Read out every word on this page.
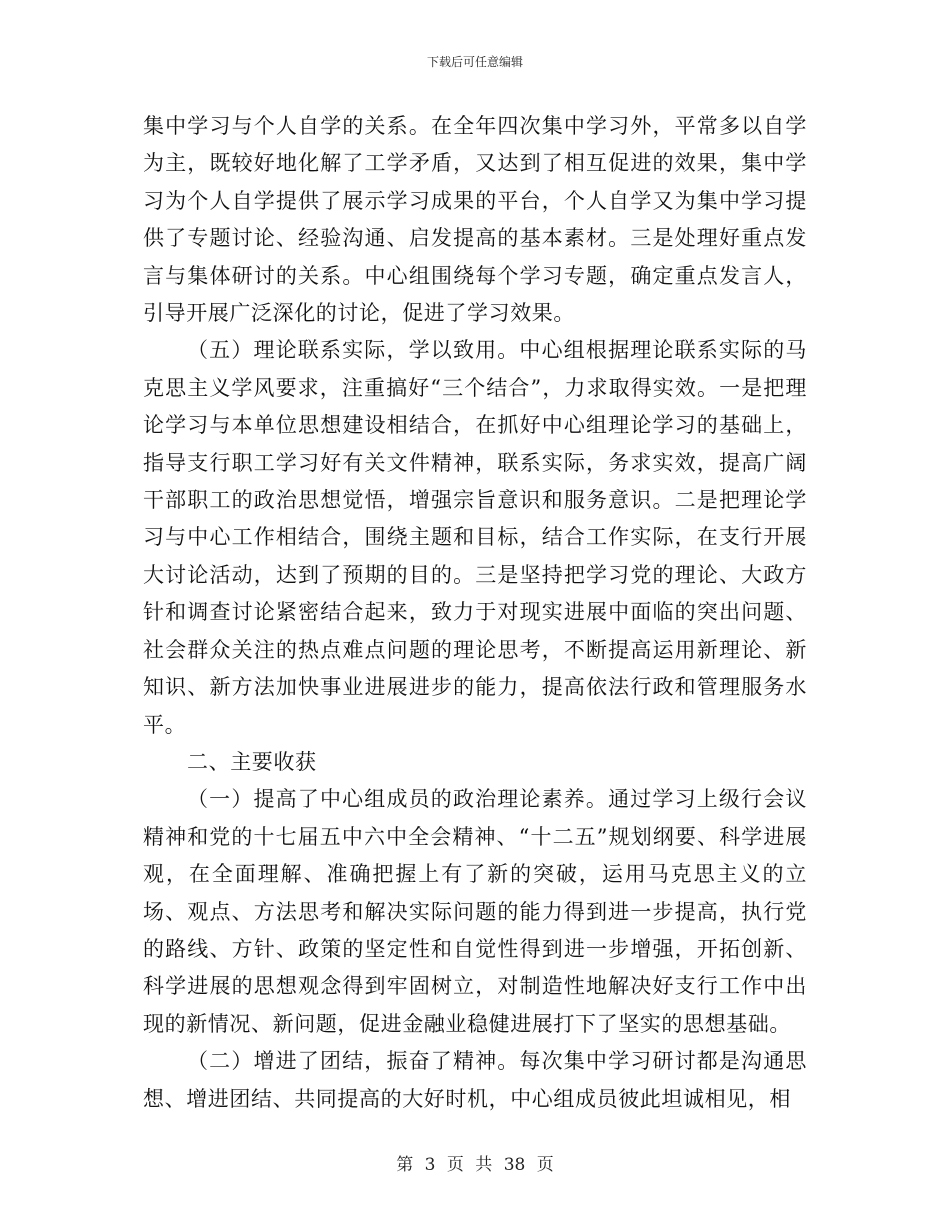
下载后可任意编辑

集中学习与个人自学的关系。在全年四次集中学习外，平常多以自学为主，既较好地化解了工学矛盾，又达到了相互促进的效果，集中学习为个人自学提供了展示学习成果的平台，个人自学又为集中学习提供了专题讨论、经验沟通、启发提高的基本素材。三是处理好重点发言与集体研讨的关系。中心组围绕每个学习专题，确定重点发言人，引导开展广泛深化的讨论，促进了学习效果。

（五）理论联系实际，学以致用。中心组根据理论联系实际的马克思主义学风要求，注重搞好“三个结合”，力求取得实效。一是把理论学习与本单位思想建设相结合，在抓好中心组理论学习的基础上，指导支行职工学习好有关文件精神，联系实际，务求实效，提高广阔干部职工的政治思想觉悟，增强宗旨意识和服务意识。二是把理论学习与中心工作相结合，围绕主题和目标，结合工作实际，在支行开展大讨论活动，达到了预期的目的。三是坚持把学习党的理论、大政方针和调查讨论紧密结合起来，致力于对现实进展中面临的突出问题、社会群众关注的热点难点问题的理论思考，不断提高运用新理论、新知识、新方法加快事业进展进步的能力，提高依法行政和管理服务水平。

二、主要收获

（一）提高了中心组成员的政治理论素养。通过学习上级行会议精神和党的十七届五中六中全会精神、“十二五”规划纲要、科学进展观，在全面理解、准确把握上有了新的突破，运用马克思主义的立场、观点、方法思考和解决实际问题的能力得到进一步提高，执行党的路线、方针、政策的坚定性和自觉性得到进一步增强，开拓创新、科学进展的思想观念得到牢固树立，对制造性地解决好支行工作中出现的新情况、新问题，促进金融业稳健进展打下了坚实的思想基础。

（二）增进了团结，振奋了精神。每次集中学习研讨都是沟通思想、增进团结、共同提高的大好时机，中心组成员彼此坦诚相见，相

第 3 页 共 38 页
